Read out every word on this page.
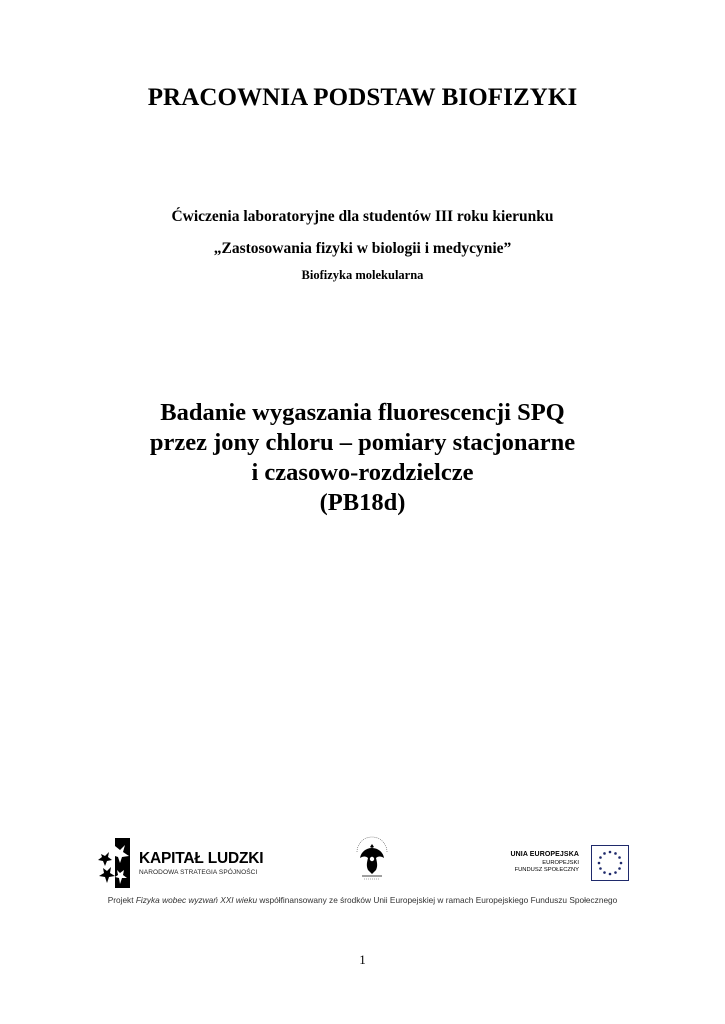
PRACOWNIA PODSTAW BIOFIZYKI
Ćwiczenia laboratoryjne dla studentów III roku kierunku
„Zastosowania fizyki w biologii i medycynie”
Biofizyka molekularna
Badanie wygaszania fluorescencji SPQ
przez jony chloru – pomiary stacjonarne
i czasowo-rozdzielcze
(PB18d)
KAPITAŁ LUDZKI
NARODOWA STRATEGIA SPÓJNOŚCI
UNIA EUROPEJSKA
EUROPEJSKI
FUNDUSZ SPOŁECZNY
Projekt Fizyka wobec wyzwań XXI wieku współfinansowany ze środków Unii Europejskiej w ramach Europejskiego Funduszu Społecznego
1
